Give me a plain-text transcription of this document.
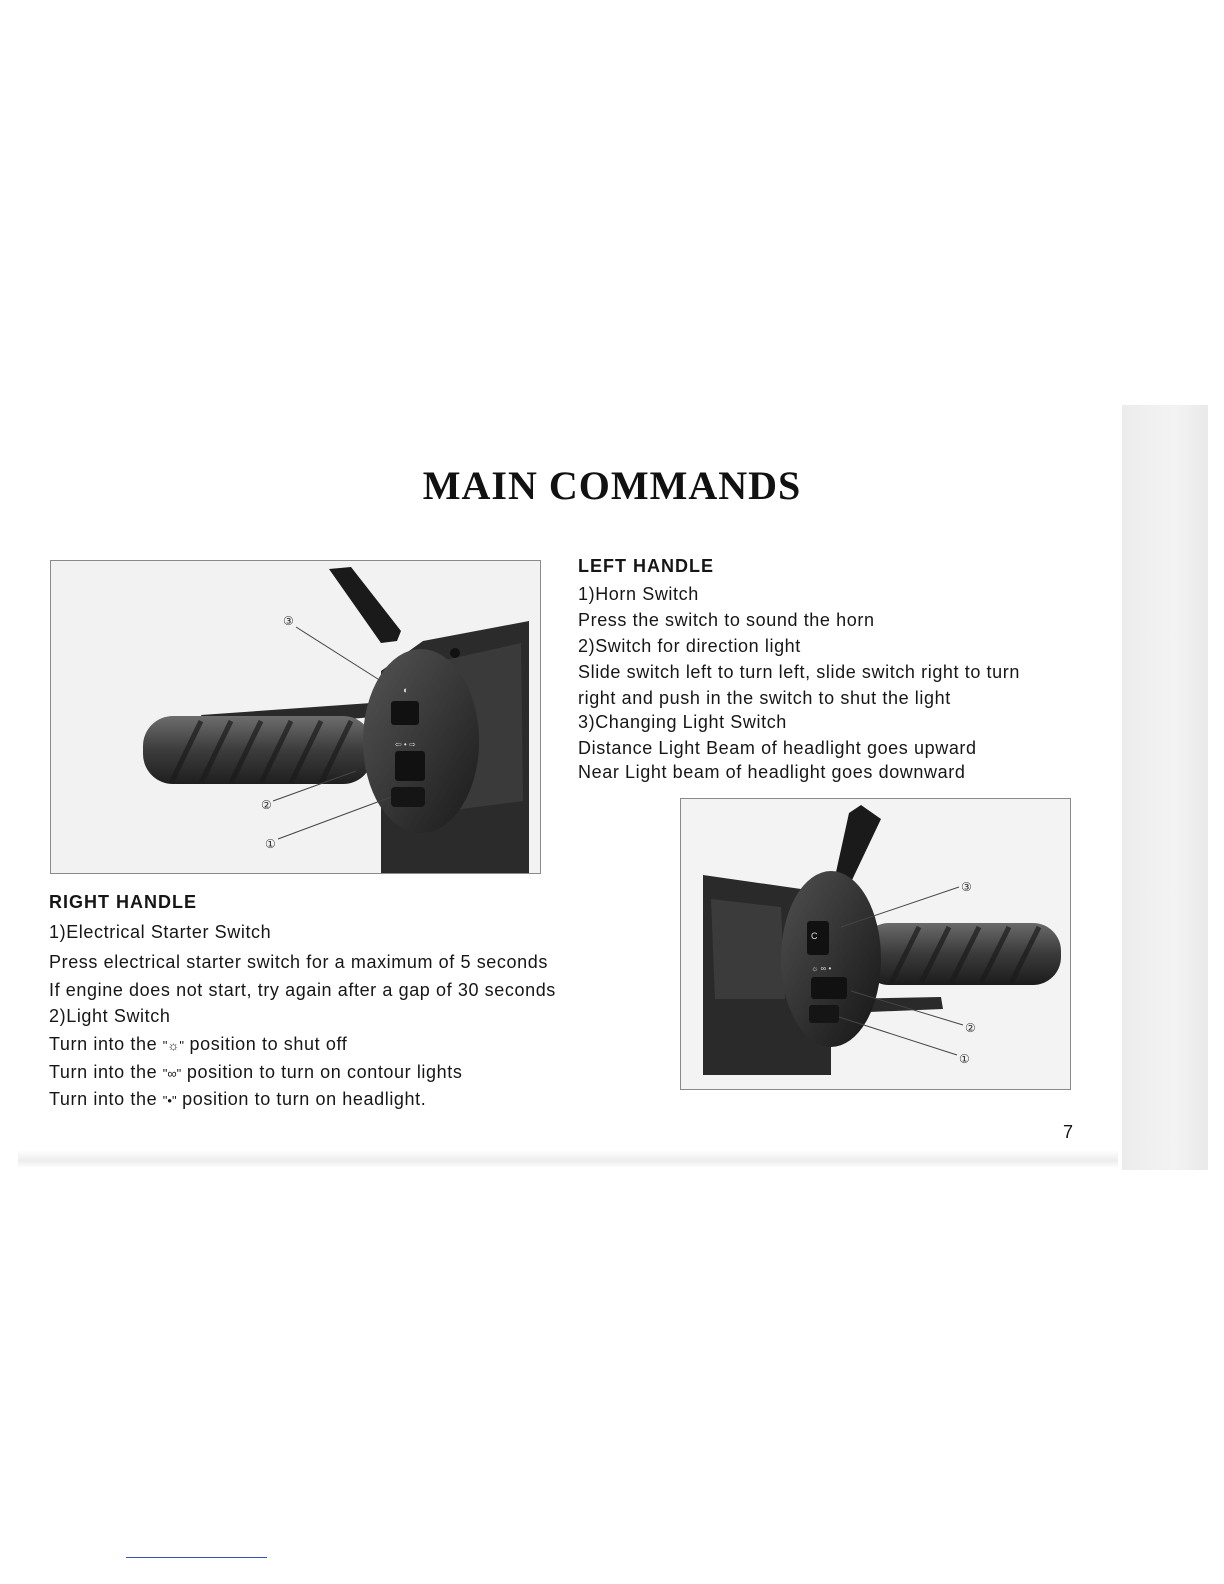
MAIN COMMANDS
◐
⇦ • ⇨
③
②
①
C
☼ ∞ •
③
②
①
LEFT HANDLE
1)Horn Switch
Press the switch to sound the horn
2)Switch for direction light
Slide switch left to turn left, slide switch right to turn
right and push in the switch to shut the light
3)Changing Light Switch
Distance Light Beam of headlight goes upward
Near Light beam of headlight goes downward
RIGHT HANDLE
1)Electrical Starter Switch
Press electrical starter switch for a maximum of 5 seconds
If engine does not start, try again after a gap of 30 seconds
2)Light Switch
Turn into the "☼" position to shut off
Turn into the "∞" position to turn on contour lights
Turn into the "•" position to turn on headlight.
7
